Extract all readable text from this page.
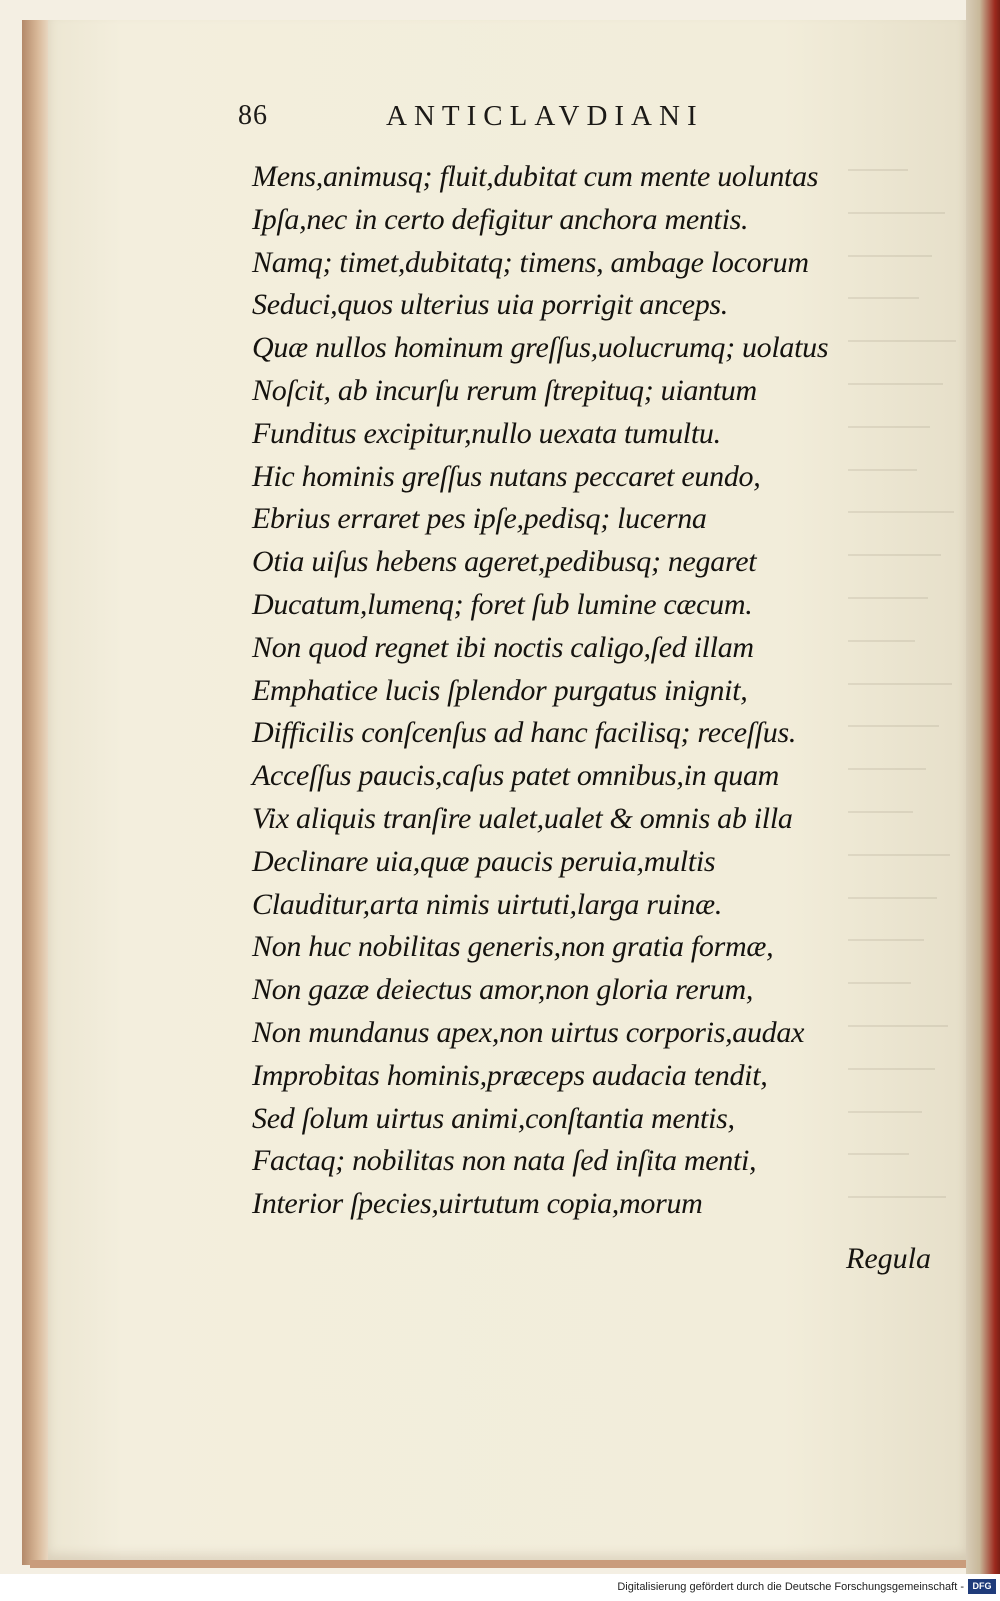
86	ANTICLAVDIANI
Mens,animusq; fluit,dubitat cum mente uoluntas
Ipſa,nec in certo defigitur anchora mentis.
Namq; timet,dubitatq; timens, ambage locorum
Seduci,quos ulterius uia porrigit anceps.
Quæ nullos hominum greſſus,uolucrumq; uolatus
Noſcit, ab incurſu rerum ſtrepituq; uiantum
Funditus excipitur,nullo uexata tumultu.
Hic hominis greſſus nutans peccaret eundo,
Ebrius erraret pes ipſe,pedisq; lucerna
Otia uiſus hebens ageret,pedibusq; negaret
Ducatum,lumenq; foret ſub lumine cæcum.
Non quod regnet ibi noctis caligo,ſed illam
Emphatice lucis ſplendor purgatus inignit,
Difficilis conſcenſus ad hanc facilisq; receſſus.
Acceſſus paucis,caſus patet omnibus,in quam
Vix aliquis tranſire ualet,ualet & omnis ab illa
Declinare uia,quæ paucis peruia,multis
Clauditur,arta nimis uirtuti,larga ruinæ.
Non huc nobilitas generis,non gratia formæ,
Non gazæ deiectus amor,non gloria rerum,
Non mundanus apex,non uirtus corporis,audax
Improbitas hominis,præceps audacia tendit,
Sed ſolum uirtus animi,conſtantia mentis,
Factaq; nobilitas non nata ſed inſita menti,
Interior ſpecies,uirtutum copia,morum
Regula
Digitalisierung gefördert durch die Deutsche Forschungsgemeinschaft - DFG
